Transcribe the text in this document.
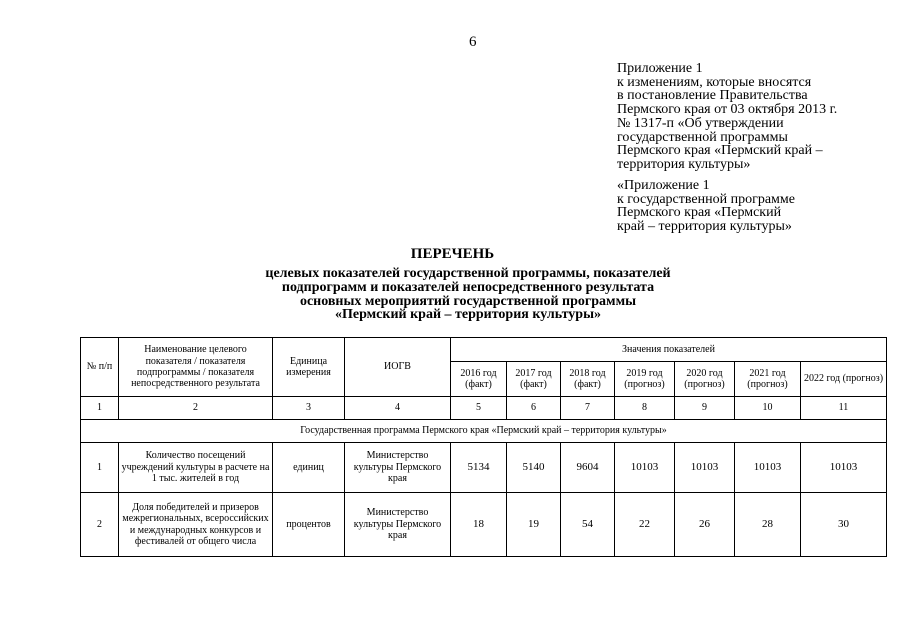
6
Приложение 1
к изменениям, которые вносятся
в постановление Правительства
Пермского края от 03 октября 2013 г.
№ 1317-п «Об утверждении
государственной программы
Пермского края «Пермский край –
территория культуры»
«Приложение 1
к государственной программе
Пермского края «Пермский
край – территория культуры»
ПЕРЕЧЕНЬ
целевых показателей государственной программы, показателей
подпрограмм и показателей непосредственного результата
основных мероприятий государственной программы
«Пермский край – территория культуры»
№ п/п	Наименование целевого показателя / показателя подпрограммы / показателя непосредственного результата	Единица измерения	ИОГВ	Значения показателей						
				2016 год (факт)	2017 год (факт)	2018 год (факт)	2019 год (прогноз)	2020 год (прогноз)	2021 год (прогноз)	2022 год (прогноз)
1	2	3	4	5	6	7	8	9	10	11
Государственная программа Пермского края «Пермский край – территория культуры»										
1	Количество посещений учреждений культуры в расчете на 1 тыс. жителей в год	единиц	Министерство культуры Пермского края	5134	5140	9604	10103	10103	10103	10103
2	Доля победителей и призеров межрегиональных, всероссийских и международных конкурсов и фестивалей от общего числа	процентов	Министерство культуры Пермского края	18	19	54	22	26	28	30
